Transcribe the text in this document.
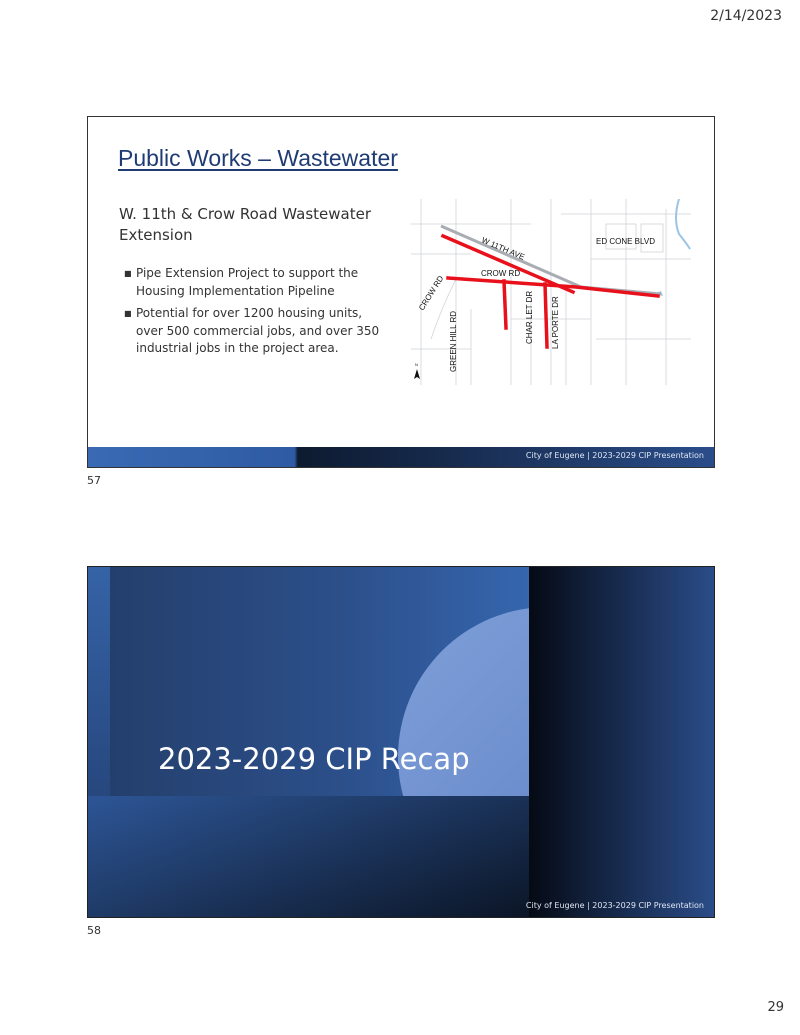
2/14/2023
Public Works – Wastewater
W. 11th & Crow Road Wastewater Extension
■ Pipe Extension Project to support the Housing Implementation Pipeline
■ Potential for over 1200 housing units, over 500 commercial jobs, and over 350 industrial jobs in the project area.
W 11TH AVE	ED CONE BLVD
CROW RD
CROW RD
GREEN HILL RD	CHAR LET DR LA PORTE DR
N
City of Eugene | 2023-2029 CIP Presentation
57
2023-2029 CIP Recap
City of Eugene | 2023-2029 CIP Presentation
58
29
